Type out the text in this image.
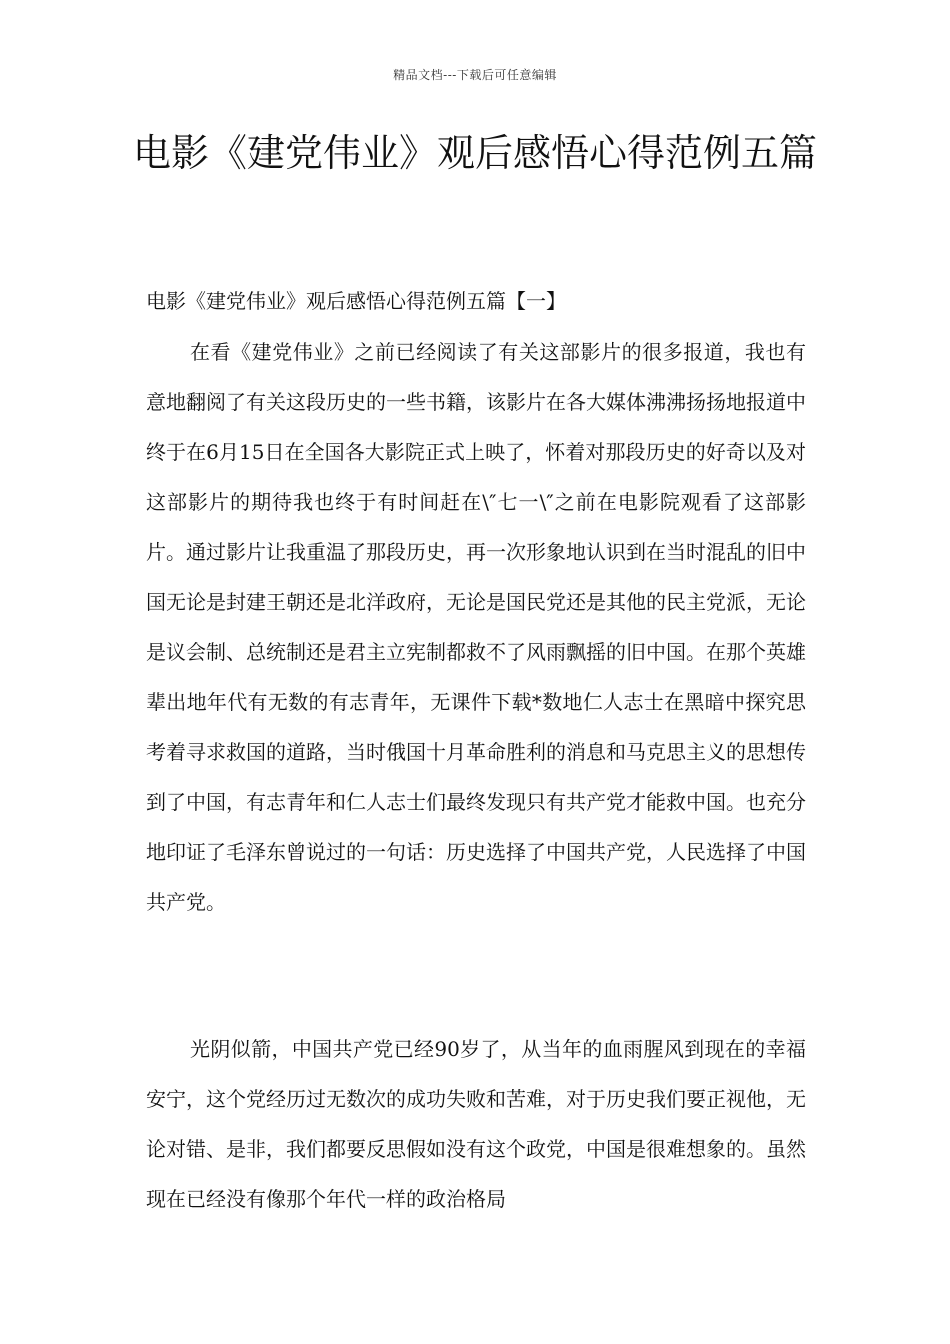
精品文档---下载后可任意编辑
电影《建党伟业》观后感悟心得范例五篇

电影《建党伟业》观后感悟心得范例五篇【一】

在看《建党伟业》之前已经阅读了有关这部影片的很多报道，我也有意地翻阅了有关这段历史的一些书籍，该影片在各大媒体沸沸扬扬地报道中终于在6月15日在全国各大影院正式上映了，怀着对那段历史的好奇以及对这部影片的期待我也终于有时间赶在\″七一\″之前在电影院观看了这部影片。通过影片让我重温了那段历史，再一次形象地认识到在当时混乱的旧中国无论是封建王朝还是北洋政府，无论是国民党还是其他的民主党派，无论是议会制、总统制还是君主立宪制都救不了风雨飘摇的旧中国。在那个英雄辈出地年代有无数的有志青年，无课件下载*数地仁人志士在黑暗中探究思考着寻求救国的道路，当时俄国十月革命胜利的消息和马克思主义的思想传到了中国，有志青年和仁人志士们最终发现只有共产党才能救中国。也充分地印证了毛泽东曾说过的一句话：历史选择了中国共产党，人民选择了中国共产党。

光阴似箭，中国共产党已经90岁了，从当年的血雨腥风到现在的幸福安宁，这个党经历过无数次的成功失败和苦难，对于历史我们要正视他，无论对错、是非，我们都要反思假如没有这个政党，中国是很难想象的。虽然现在已经没有像那个年代一样的政治格局
